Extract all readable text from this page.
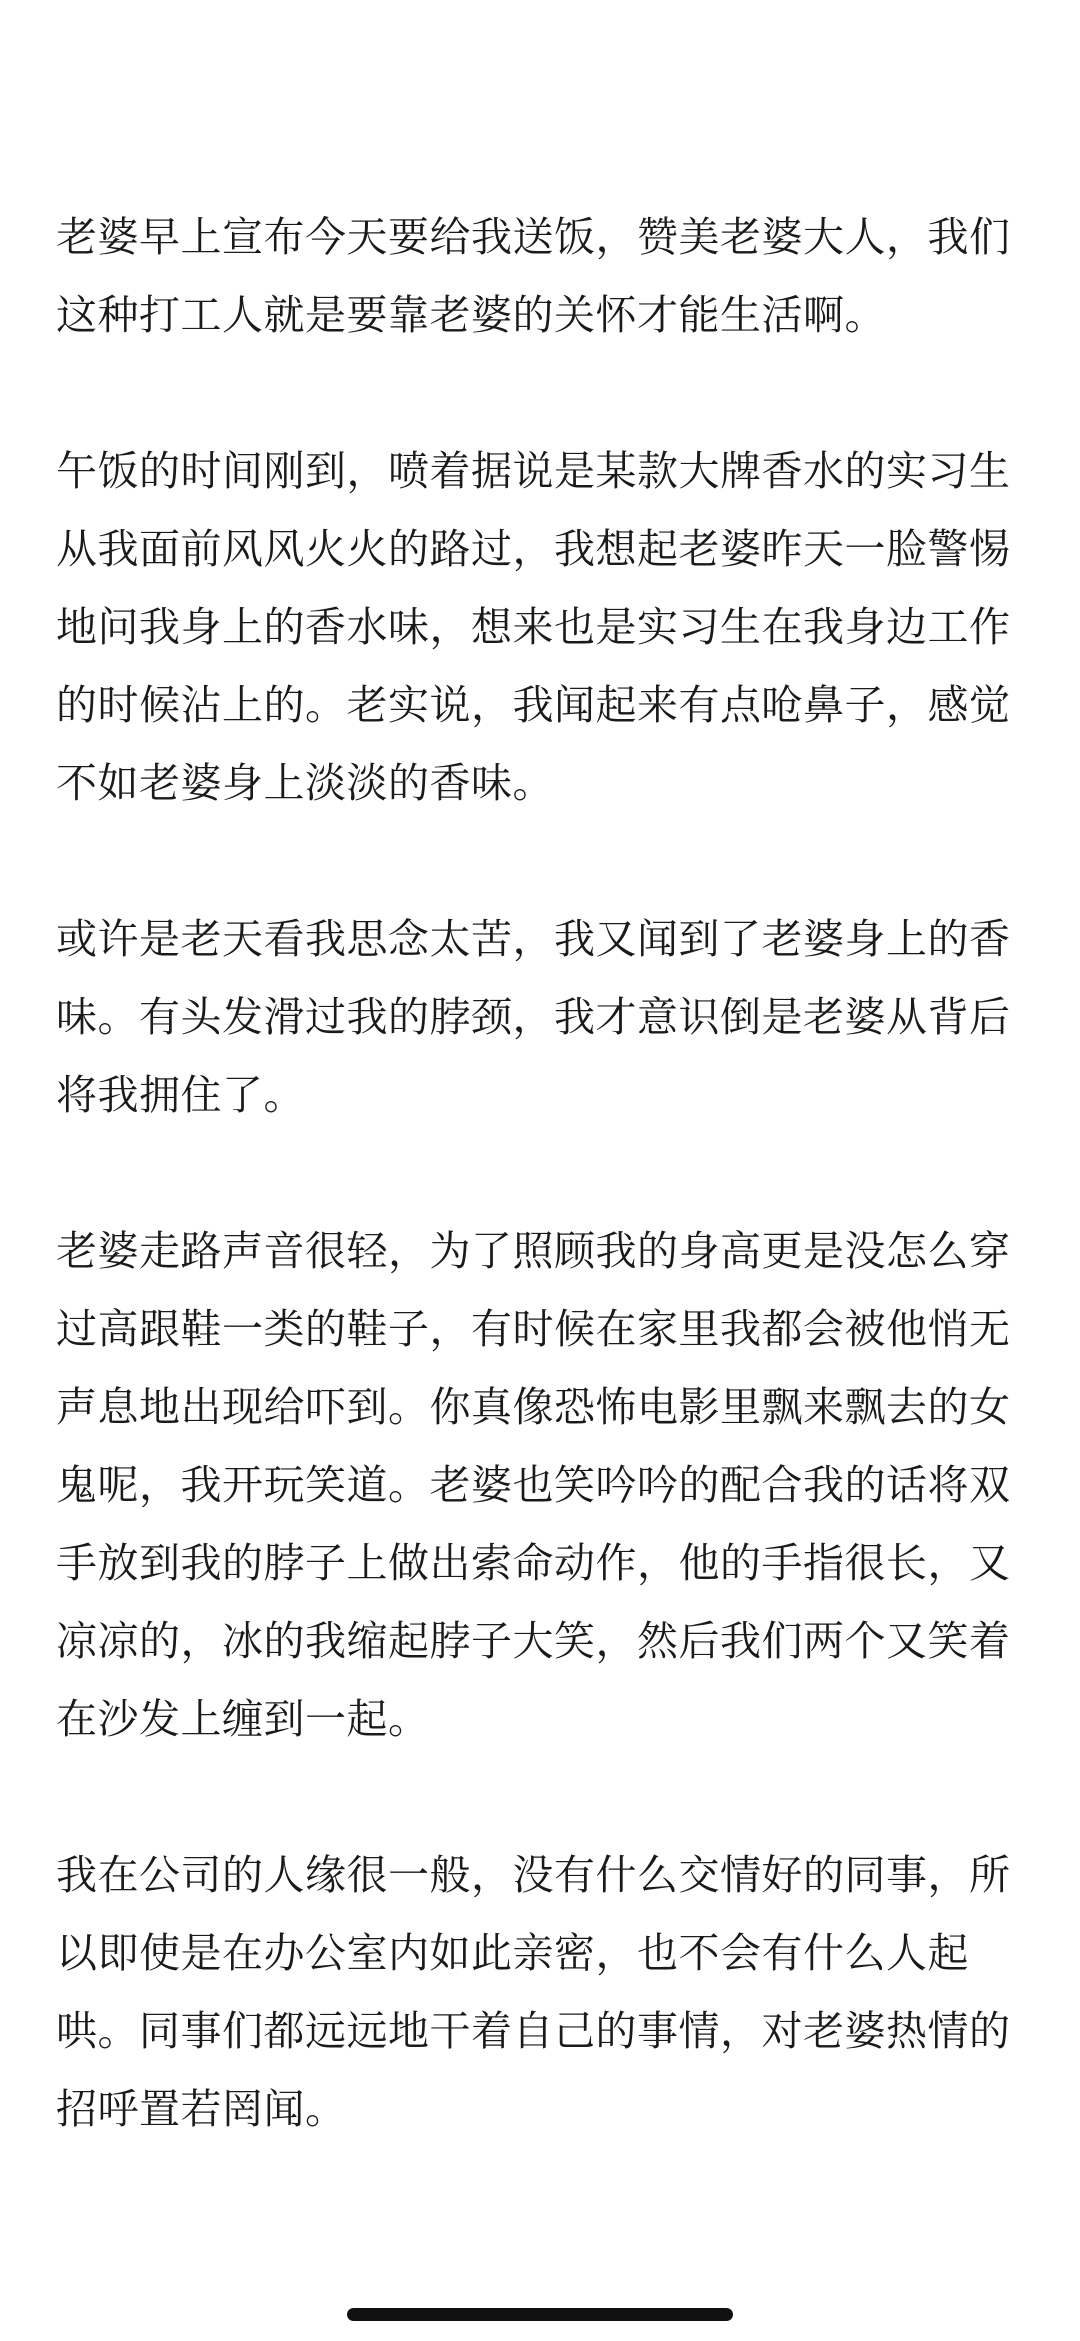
老婆早上宣布今天要给我送饭，赞美老婆大人，我们
这种打工人就是要靠老婆的关怀才能生活啊。

午饭的时间刚到，喷着据说是某款大牌香水的实习生
从我面前风风火火的路过，我想起老婆昨天一脸警惕
地问我身上的香水味，想来也是实习生在我身边工作
的时候沾上的。老实说，我闻起来有点呛鼻子，感觉
不如老婆身上淡淡的香味。

或许是老天看我思念太苦，我又闻到了老婆身上的香
味。有头发滑过我的脖颈，我才意识倒是老婆从背后
将我拥住了。

老婆走路声音很轻，为了照顾我的身高更是没怎么穿
过高跟鞋一类的鞋子，有时候在家里我都会被他悄无
声息地出现给吓到。你真像恐怖电影里飘来飘去的女
鬼呢，我开玩笑道。老婆也笑吟吟的配合我的话将双
手放到我的脖子上做出索命动作，他的手指很长，又
凉凉的，冰的我缩起脖子大笑，然后我们两个又笑着
在沙发上缠到一起。

我在公司的人缘很一般，没有什么交情好的同事，所
以即使是在办公室内如此亲密，也不会有什么人起
哄。同事们都远远地干着自己的事情，对老婆热情的
招呼置若罔闻。
